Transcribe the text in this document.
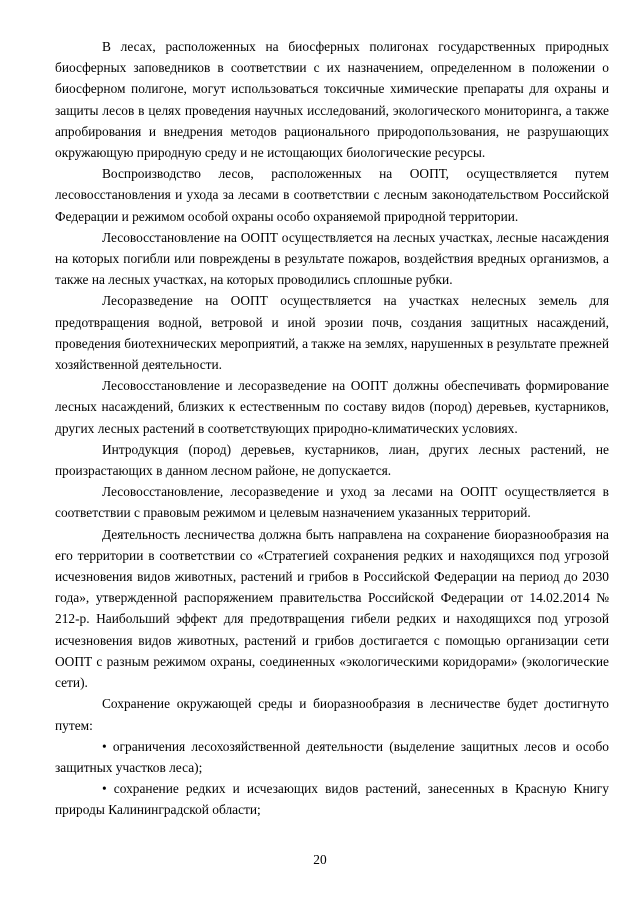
В лесах, расположенных на биосферных полигонах государственных природных биосферных заповедников в соответствии с их назначением, определенном в положении о биосферном полигоне, могут использоваться токсичные химические препараты для охраны и защиты лесов в целях проведения научных исследований, экологического мониторинга, а также апробирования и внедрения методов рационального природопользования, не разрушающих окружающую природную среду и не истощающих биологические ресурсы.

Воспроизводство лесов, расположенных на ООПТ, осуществляется путем лесовосстановления и ухода за лесами в соответствии с лесным законодательством Российской Федерации и режимом особой охраны особо охраняемой природной территории.

Лесовосстановление на ООПТ осуществляется на лесных участках, лесные насаждения на которых погибли или повреждены в результате пожаров, воздействия вредных организмов, а также на лесных участках, на которых проводились сплошные рубки.

Лесоразведение на ООПТ осуществляется на участках нелесных земель для предотвращения водной, ветровой и иной эрозии почв, создания защитных насаждений, проведения биотехнических мероприятий, а также на землях, нарушенных в результате прежней хозяйственной деятельности.

Лесовосстановление и лесоразведение на ООПТ должны обеспечивать формирование лесных насаждений, близких к естественным по составу видов (пород) деревьев, кустарников, других лесных растений в соответствующих природно-климатических условиях.

Интродукция (пород) деревьев, кустарников, лиан, других лесных растений, не произрастающих в данном лесном районе, не допускается.

Лесовосстановление, лесоразведение и уход за лесами на ООПТ осуществляется в соответствии с правовым режимом и целевым назначением указанных территорий.

Деятельность лесничества должна быть направлена на сохранение биоразнообразия на его территории в соответствии со «Стратегией сохранения редких и находящихся под угрозой исчезновения видов животных, растений и грибов в Российской Федерации на период до 2030 года», утвержденной распоряжением правительства Российской Федерации от 14.02.2014 № 212-р. Наибольший эффект для предотвращения гибели редких и находящихся под угрозой исчезновения видов животных, растений и грибов достигается с помощью организации сети ООПТ с разным режимом охраны, соединенных «экологическими коридорами» (экологические сети).

Сохранение окружающей среды и биоразнообразия в лесничестве будет достигнуто путем:

• ограничения лесохозяйственной деятельности (выделение защитных лесов и особо защитных участков леса);

• сохранение редких и исчезающих видов растений, занесенных в Красную Книгу природы Калининградской области;

20
